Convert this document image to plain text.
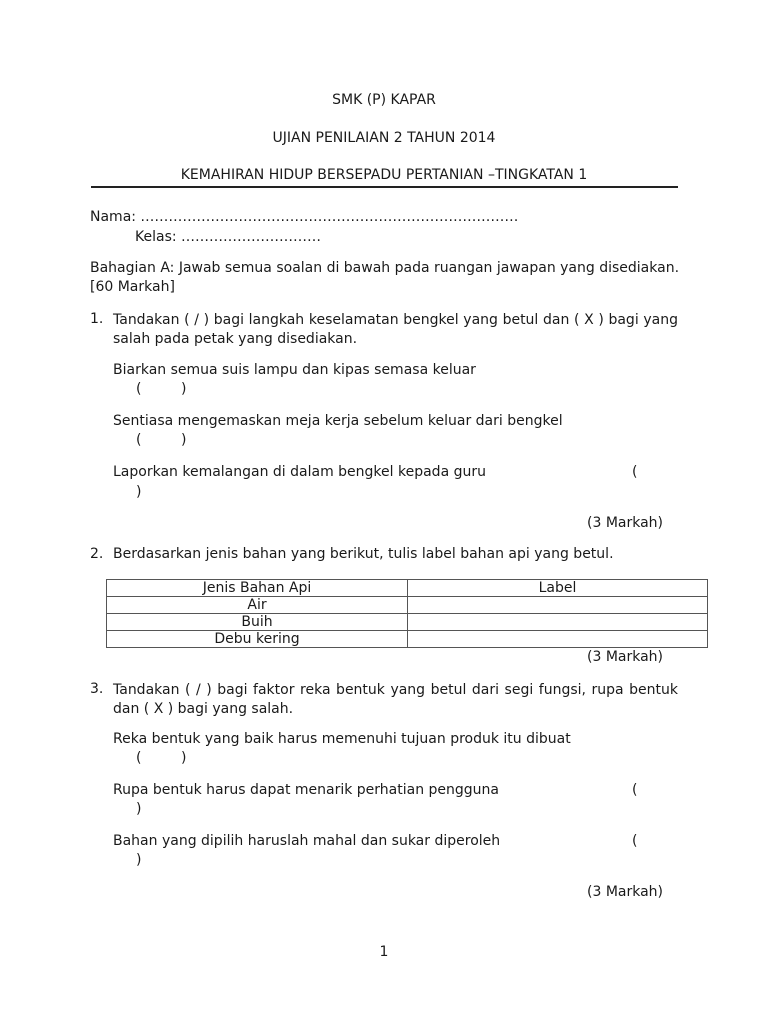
SMK (P) KAPAR
UJIAN PENILAIAN 2 TAHUN 2014
KEMAHIRAN HIDUP BERSEPADU PERTANIAN –TINGKATAN 1
Nama: ………………………………………………………………………
Kelas: …………………………
Bahagian A: Jawab semua soalan di bawah pada ruangan jawapan yang disediakan.
[60 Markah]
1. Tandakan ( / ) bagi langkah keselamatan bengkel yang betul dan ( X ) bagi yang salah pada petak yang disediakan.
Biarkan semua suis lampu dan kipas semasa keluar
(	)
Sentiasa mengemaskan meja kerja sebelum keluar dari bengkel
(	)
Laporkan kemalangan di dalam bengkel kepada guru	(
)
(3 Markah)
2. Berdasarkan jenis bahan yang berikut, tulis label bahan api yang betul.
Jenis Bahan Api	Label
Air	
Buih	
Debu kering	
(3 Markah)
3. Tandakan ( / ) bagi faktor reka bentuk yang betul dari segi fungsi, rupa bentuk dan ( X ) bagi yang salah.
Reka bentuk yang baik harus memenuhi tujuan produk itu dibuat
(	)
Rupa bentuk harus dapat menarik perhatian pengguna	(
)
Bahan yang dipilih haruslah mahal dan sukar diperoleh	(
)
(3 Markah)
1
